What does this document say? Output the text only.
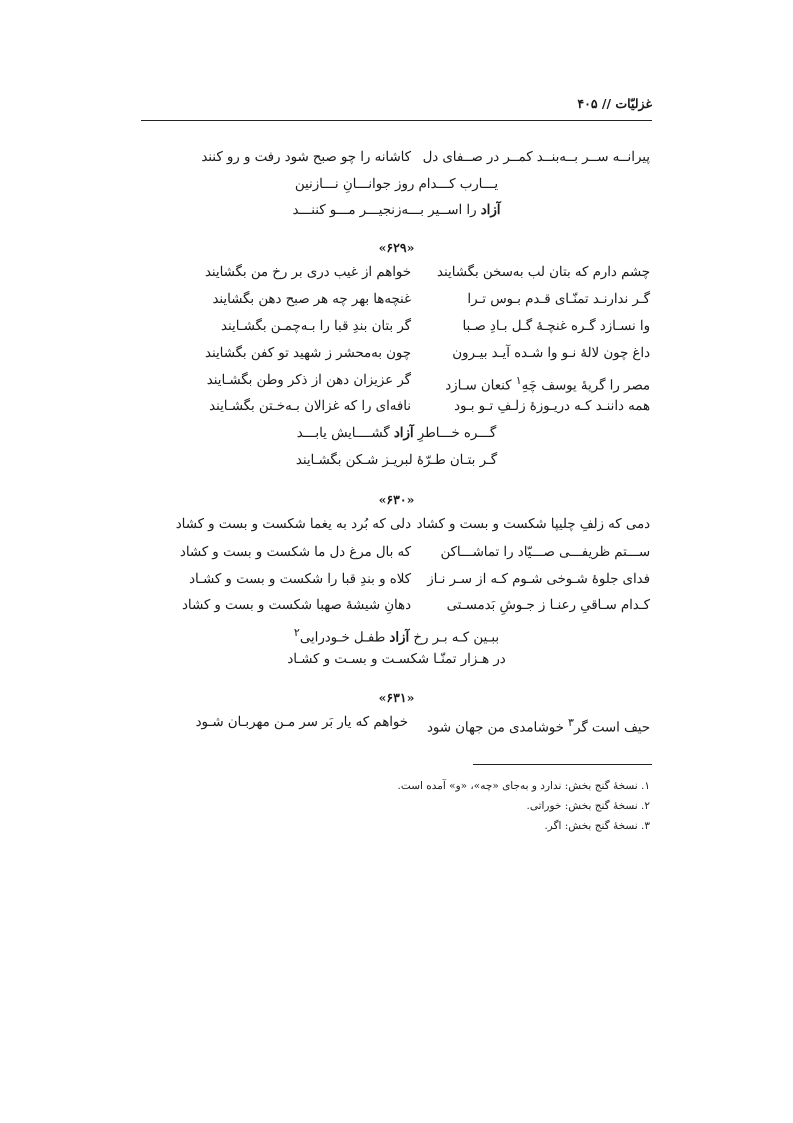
غزلیّات // ۴۰۵
پیرانــه ســر بــه‌بنــد کمــر در صــفای دل
کاشانه را چو صبح شود رفت و رو کنند
یـــارب کـــدام روز جوانـــانِ نـــازنین
آزاد را اســیر بـــه‌زنجیـــر مـــو کننـــد
«۶۲۹»
چشم دارم که بتان لب به‌سخن بگشایند
خواهم از غیب دری بر رخ من بگشایند
گـر ندارنـد تمنّـای قـدم بـوس تـرا
غنچه‌ها بهر چه هر صبح دهن بگشایند
وا نسـازد گـره غنچـهٔ گـل بـادِ صـبا
گر بتان بندِ قبا را بـه‌چمـن بگشـایند
داغ چون لالهٔ نـو وا شـده آیـد بیـرون
چون به‌محشر ز شهید تو کفن بگشایند
مصر را گریهٔ یوسف چَهِ$^۱$ کنعان سـازد
گر عزیزان دهن از ذکر وطن بگشـایند
همه داننـد کـه دریـوزهٔ زلـفِ تـو بـود
نافه‌ای را که غزالان بـه‌خـتن بگشـایند
گـــره خـــاطرِ آزاد گشــــایش یابـــد
گـر بتـان طـرّهٔ لبریـز شـکن بگشـایند
«۶۳۰»
دمی که زلفِ چلیپا شکست و بست و کشاد
دلی که بُرد به یغما شکست و بست و کشاد
ســـتم ظریفـــی صـــیّاد را تماشـــاکن
که بال مرغ دل ما شکست و بست و کشاد
فدای جلوهٔ شـوخی شـوم کـه از سـر نـاز
کلاه و بندِ قبا را شکست و بست و کشـاد
کـدام سـاقیِ رعنـا ز جـوشِ بَدمسـتی
دهانِ شیشهٔ صهبا شکست و بست و کشاد
ببـین کـه بـر رخ آزاد طفـل خـودرایی$^۲$
در هـزار تمنّـا شکسـت و بسـت و کشـاد
«۶۳۱»
حیف است گر$^۳$ خوشامدی من جهان شود
خواهم که یار بَر سر مـن مهربـان شـود
۱. نسخهٔ گنج بخش: ندارد و به‌جای «چه»، «و» آمده است.
۲. نسخهٔ گنج بخش: خوراتی.
۳. نسخهٔ گنج بخش: اگر.
